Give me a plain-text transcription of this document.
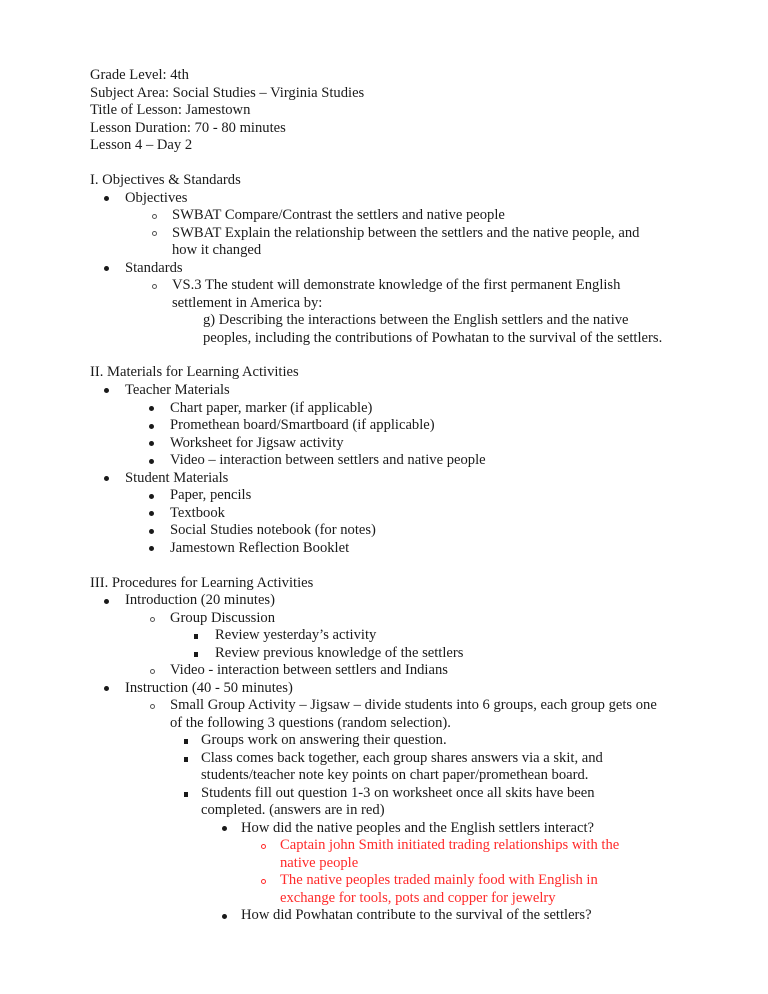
Grade Level: 4th
Subject Area: Social Studies – Virginia Studies
Title of Lesson: Jamestown
Lesson Duration: 70 - 80 minutes
Lesson 4 – Day 2
I. Objectives & Standards
Objectives
SWBAT Compare/Contrast the settlers and native people
SWBAT Explain the relationship between the settlers and the native people, and
how it changed
Standards
VS.3 The student will demonstrate knowledge of the first permanent English
settlement in America by:
g) Describing the interactions between the English settlers and the native
peoples, including the contributions of Powhatan to the survival of the settlers.
II. Materials for Learning Activities
Teacher Materials
Chart paper, marker (if applicable)
Promethean board/Smartboard (if applicable)
Worksheet for Jigsaw activity
Video – interaction between settlers and native people
Student Materials
Paper, pencils
Textbook
Social Studies notebook (for notes)
Jamestown Reflection Booklet
III. Procedures for Learning Activities
Introduction (20 minutes)
Group Discussion
Review yesterday’s activity
Review previous knowledge of the settlers
Video - interaction between settlers and Indians
Instruction (40 - 50 minutes)
Small Group Activity – Jigsaw – divide students into 6 groups, each group gets one
of the following 3 questions (random selection).
Groups work on answering their question.
Class comes back together, each group shares answers via a skit, and
students/teacher note key points on chart paper/promethean board.
Students fill out question 1-3 on worksheet once all skits have been
completed. (answers are in red)
How did the native peoples and the English settlers interact?
Captain john Smith initiated trading relationships with the
native people
The native peoples traded mainly food with English in
exchange for tools, pots and copper for jewelry
How did Powhatan contribute to the survival of the settlers?
